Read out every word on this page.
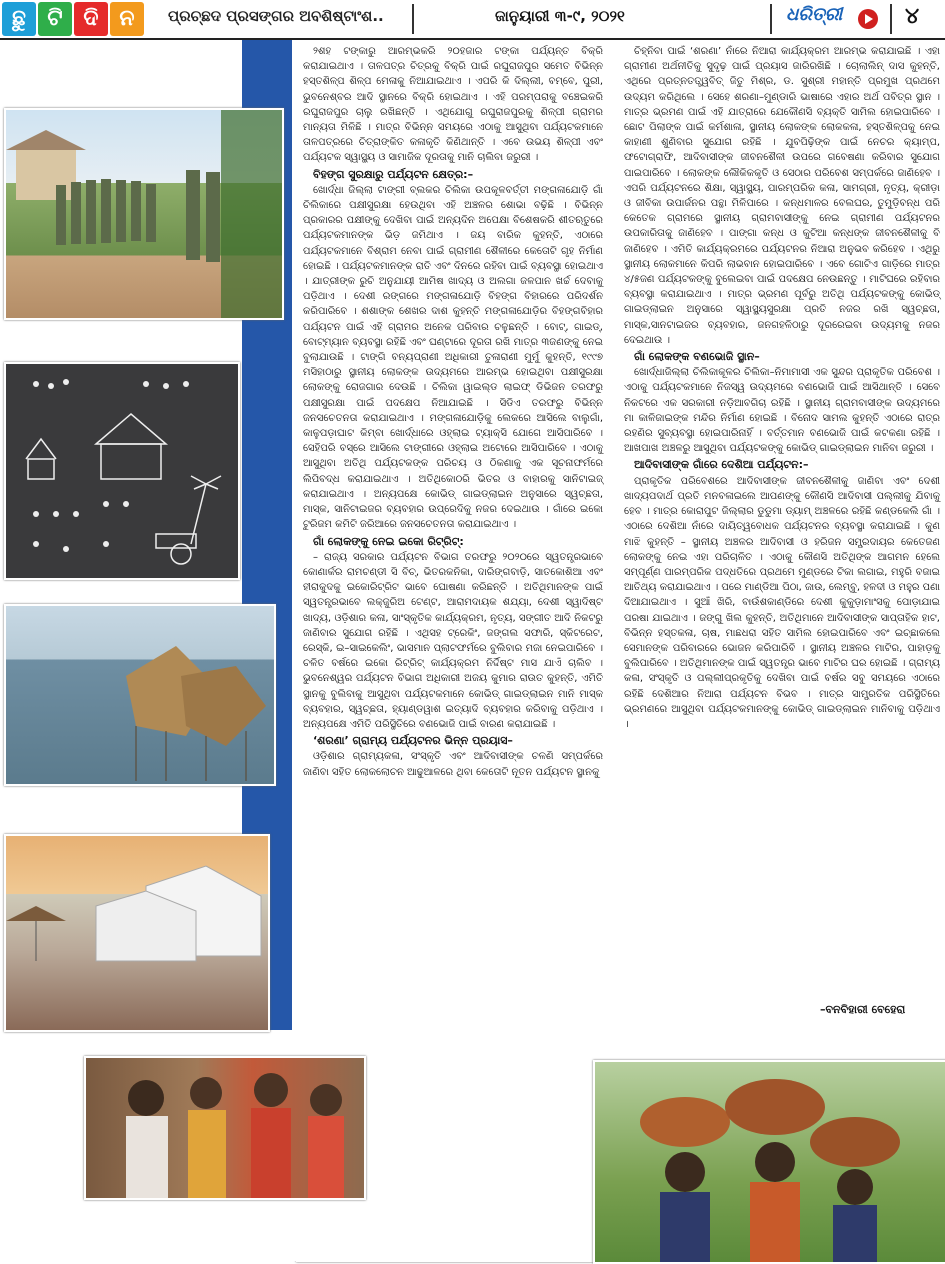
ଛୁ ଟି ଦି ନ	ପ୍ରଚ୍ଛଦ ପ୍ରସଙ୍ଗର ଅବଶିଷ୍ଟାଂଶ..	ଜାନୁୟାରୀ ୩-୯, ୨୦୨୧	ଧରିତ୍ରୀ	୪

୨ଶହ ଟଙ୍କାରୁ ଆରମ୍ଭକରି ୨୦ହଜାର ଟଙ୍କା ପର୍ଯ୍ୟନ୍ତ ବିକ୍ରି କରାଯାଇଥାଏ । ତାଳପତ୍ର ଚିତ୍ରକୁ ବିକ୍ରି ପାଇଁ ରଘୁରାଜପୁର ସମେତ ବିଭିନ୍ନ ହସ୍ତଶିଳ୍ପ ଶିଳ୍ପ ମେଳାକୁ ନିଆଯାଇଥାଏ । ଏପରି କି ଦିଲ୍ଲୀ, ବମ୍ବେ, ପୁରୀ, ଭୁବନେଶ୍ବର ଆଦି ସ୍ଥାନରେ ବିକ୍ରି ହୋଇଥାଏ । ଏହି ପରମ୍ପରାକୁ ବଞ୍ଚେଇକରି ରଘୁରାଜପୁର ଚାଲୁ ରଖିଛନ୍ତି । ଏଥିଯୋଗୁ ରଘୁରାଜପୁରକୁ ଶିଳ୍ପୀ ଗ୍ରାମର ମାନ୍ୟତା ମିଳିଛି । ମାତ୍ର ବିଭିନ୍ନ ସମୟରେ ଏଠାକୁ ଆସୁଥିବା ପର୍ଯ୍ୟଟକମାନେ ତାଳପତ୍ରରେ ଚିତ୍ରାଙ୍କିତ କଳାକୃତି କିଣିଥାନ୍ତି । ଏବେ ଉଭୟ ଶିଳ୍ପୀ ଏବଂ ପର୍ଯ୍ୟଟକ ସ୍ୱାସ୍ଥ୍ୟ ଓ ସାମାଜିକ ଦୂରତାକୁ ମାନି ଚାଲିବା ଜରୁରୀ ।

ବିହଙ୍ଗ ସୁରକ୍ଷାରୁ ପର୍ଯ୍ୟଟନ କ୍ଷେତ୍ର:–

ଖୋର୍ଦ୍ଧା ଜିଲ୍ଲା ଟାଙ୍ଗୀ ବ୍ଲକର ଚିଲିକା ଉପକୂଳବର୍ତ୍ତୀ ମଙ୍ଗଳାଯୋଡ଼ି ଗାଁ ଚିଲିକାରେ ପକ୍ଷୀସୁରକ୍ଷା ହେଉଥିବା ଏହି ଅଞ୍ଚଳର ଶୋଭା ବଢ଼ିଛି । ବିଭିନ୍ନ ପ୍ରକାରର ପକ୍ଷୀଙ୍କୁ ଦେଖିବା ପାଇଁ ଅନ୍ୟଦିନ ଅପେକ୍ଷା ବିଶେଷକରି ଶୀତଋତୁରେ ପର୍ଯ୍ୟଟକମାନଙ୍କ ଭିଡ଼ ଜମିଥାଏ । ଜୟ ବାରିକ କୁହନ୍ତି, ଏଠାରେ ପର୍ଯ୍ୟଟକମାନେ ବିଶ୍ରାମ ନେବା ପାଇଁ ଗ୍ରାମୀଣ ଶୈଳୀରେ କେତୋଟି ଗୃହ ନିର୍ମାଣ ହୋଇଛି । ପର୍ଯ୍ୟଟକମାନଙ୍କ ରାତି ଏବଂ ଦିନରେ ରହିବା ପାଇଁ ବ୍ୟବସ୍ଥା ହୋଇଥାଏ । ଯାତ୍ରୀଙ୍କ ରୁଚି ଅନୁଯାୟୀ ଆମିଷ ଖାଦ୍ୟ ଓ ଅଲଗା ଜଳପାନ ଖର୍ଚ୍ଚ ଦେବାକୁ ପଡ଼ିଥାଏ । ଦେଶୀ ରଙ୍ଗରେ ମଙ୍ଗଳାଯୋଡ଼ି ବିହଙ୍ଗ ବିହାରରେ ପରିଦର୍ଶନ କରିପାରିବେ । ଶଶାଙ୍କ ଶେଖର ଦାଶ କୁହନ୍ତି ମଙ୍ଗଳାଯୋଡ଼ିର ବିହଙ୍ଗବିହାର ପର୍ଯ୍ୟଟନ ପାଇଁ ଏହି ଗ୍ରାମର ଅନେକ ପରିବାର ଚଳୁଛନ୍ତି । ବୋଟ୍, ଗାଇଡ୍, ବୋଟ୍‌ମ୍ୟାନ ବ୍ୟବସ୍ଥା ରହିଛି ଏବଂ ଘଣ୍ଟାରେ ଦୂରତା ରଖି ମାତ୍ର ୩ଜଣଙ୍କୁ ନେଇ ବୁଲାଯାଉଛି । ଟାଙ୍ଗି ବନ୍ୟପ୍ରାଣୀ ଅଧିକାରୀ ତୁଳାରାଣୀ ମୁର୍ମୁ କୁହନ୍ତି, ୧୯୯୭ ମସିହାଠାରୁ ସ୍ଥାନୀୟ ଲୋକଙ୍କ ଉଦ୍ୟମରେ ଆରମ୍ଭ ହୋଇଥିବା ପକ୍ଷୀସୁରକ୍ଷା ଲୋକଙ୍କୁ ରୋଜଗାର ଦେଉଛି । ଚିଲିକା ୱାଇଲ୍ଡ ଲାଇଫ୍ ଡିଭିଜନ ତରଫରୁ ପକ୍ଷୀସୁରକ୍ଷା ପାଇଁ ପଦକ୍ଷେପ ନିଆଯାଇଛି । ସିଡିଏ ତରଫରୁ ବିଭିନ୍ନ ଜନସଚେତନତା କରାଯାଇଥାଏ । ମଙ୍ଗଳାଯୋଡ଼ିକୁ ଲେକରେ ଆସିଲେ ବାଲୁଗାଁ, କାଳୁପଡ଼ାଘାଟ କିମ୍ବା ଖୋର୍ଦ୍ଧାରେ ଓହ୍ଲାଇ ଟ୍ୟାକ୍ସି ଯୋଗେ ଆସିପାରିବେ । ସେହିପରି ବସ୍‌ରେ ଆସିଲେ ଟାଙ୍ଗୀରେ ଓହ୍ଲାଇ ଅଟୋରେ ଆସିପାରିବେ । ଏଠାକୁ ଆସୁଥିବା ଅତିଥି ପର୍ଯ୍ୟଟକଙ୍କ ପରିଚୟ ଓ ଠିକଣାକୁ ଏକ ସୂଚନାଫର୍ମରେ ଲିପିବଦ୍ଧ କରାଯାଇଥାଏ । ଅତିଥିକୋଠରି ଭିତର ଓ ବାହାରକୁ ସାନିଟାଇଜ୍ କରାଯାଇଥାଏ । ଅନ୍ୟପକ୍ଷେ କୋଭିଡ୍ ଗାଇଡ୍‌ଲାଇନ ଅନୁସାରେ ସ୍ୱଚ୍ଛତା, ମାସ୍କ, ସାନିଟାଇଜର ବ୍ୟବହାର ଉପ୍ରେଦିକୁ ନଜର ଦେଇଥାଉ । ଗାଁରେ ଇକୋ ଟୁରିଜମ କମିଟି ଜରିଆରେ ଜନସଚେତନତା କରାଯାଇଥାଏ ।

ଗାଁ ଲୋକଙ୍କୁ ନେଇ ଇକୋ ରିଟ୍ରିଟ୍:

– ରାଜ୍ୟ ସରକାର ପର୍ଯ୍ୟଟନ ବିଭାଗ ତରଫରୁ ୨୦୨୦ରେ ସ୍ୱତନ୍ତ୍ରଭାବେ କୋଣାର୍କର ରାମଚଣ୍ଡୀ ସି ବିଚ୍, ଭିତରକନିକା, ଦାରିଙ୍ଗବାଡ଼ି, ସାତକୋଶିଆ ଏବଂ ହୀରାକୁଦକୁ ଇକୋରିଟ୍ରିଟ ଭାବେ ଘୋଷଣା କରିଛନ୍ତି । ଅତିଥିମାନଙ୍କ ପାଇଁ ସ୍ୱତନ୍ତ୍ରଭାବେ ଲକ୍ଜୁରିଅ ଟେଣ୍ଟ, ଆରାମଦାୟକ ଶଯ୍ୟା, ଦେଶୀ ସ୍ୱାଦିଷ୍ଟ ଖାଦ୍ୟ, ଓଡ଼ିଶାର କଳା, ସାଂସ୍କୃତିକ କାର୍ଯ୍ୟକ୍ରମ, ନୃତ୍ୟ, ସଙ୍ଗୀତ ଆଦି ନିକଟରୁ ଜାଣିବାର ସୁଯୋଗ ରହିଛି । ଏଥିସହ ଟ୍ରେକିଂ, ଜଙ୍ଗଲ ସଫାରି, ସ୍କିଟରେଟ, ରେସ୍କି, ଇ–ସାଇକେଲିଂ, ଭାସମାନ ପ୍ଲାଟଫର୍ମରେ ବୁଲିବାର ମଜା ନେଇପାରିବେ । ଚଳିତ ବର୍ଷରେ ଇକୋ ରିଟ୍ରିଟ୍ କାର୍ଯ୍ୟକ୍ରମ ନିର୍ଦ୍ଦିଷ୍ଟ ମାସ ଯାଏଁ ଚାଲିବ । ଭୁବନେଶ୍ୱର ପର୍ଯ୍ୟଟନ ବିଭାଗ ଅଧିକାରୀ ଅଜୟ କୁମାର ରାଉତ କୁହନ୍ତି, ଏମିତି ସ୍ଥାନକୁ ବୁଲିବାକୁ ଆସୁଥିବା ପର୍ଯ୍ୟଟକମାନେ କୋଭିଡ୍ ଗାଇଡ୍‌ଲାଇନ ମାନି ମାସ୍କ ବ୍ୟବହାର, ସ୍ୱଚ୍ଛତା, ହ୍ୟାଣ୍ଡୱାଶ ଇତ୍ୟାଦି ବ୍ୟବହାର କରିବାକୁ ପଡ଼ିଥାଏ । ଅନ୍ୟପକ୍ଷେ ଏମିତି ପରିସ୍ଥିତିରେ ବଣଭୋଜି ପାଇଁ ବାରଣ କରାଯାଇଛି ।

‘ଶରଣା’ ଗ୍ରାମ୍ୟ ପର୍ଯ୍ୟଟନର ଭିନ୍ନ ପ୍ରୟାସ–

ଓଡ଼ିଶାର ଗ୍ରାମ୍ୟକଳା, ସଂସ୍କୃତି ଏବଂ ଆଦିବାସୀଙ୍କ ଚଳଣି ସମ୍ପର୍କରେ ଜାଣିବା ସହିତ ଲୋକଲୋଚନ ଆଢୁଆଳରେ ଥିବା କେତୋଟି ନୂତନ ପର୍ଯ୍ୟଟନ ସ୍ଥାନକୁ

ଚିହ୍ନିବା ପାଇଁ ‘ଶରଣା’ ନାଁରେ ନିଆରା କାର୍ଯ୍ୟକ୍ରମ ଆରମ୍ଭ କରାଯାଇଛି । ଏହା ଗ୍ରାମୀଣ ଅର୍ଥନୀତିକୁ ସୁଦୃଢ଼ ପାଇଁ ପ୍ରୟାସ ଜାରିରଖିଛି । ଚୋଲାଲିନ୍ ଦାସ କୁହନ୍ତି, ଏଥିରେ ପ୍ରତ୍ନତତ୍ତ୍ୱବିତ୍ ଜିତୁ ମିଶ୍ର, ଡ. ସୁଶ୍ରୀ ମହାନ୍ତି ପ୍ରମୁଖ ପ୍ରଥମେ ଉଦ୍ୟମ କରିଥିଲେ । ସେହେ ଶରଣା–ମୁଣ୍ଡାରି ଭାଷାରେ ଏହାର ଅର୍ଥ ପବିତ୍ର ସ୍ଥାନ । ମାତ୍ର ଭ୍ରମଣ ପାଇଁ ଏହି ଯାତ୍ରାରେ ଯେକୌଣସି ବ୍ୟକ୍ତି ସାମିଲ ହୋଇପାରିବେ । ଛୋଟ ପିଲାଙ୍କ ପାଇଁ କର୍ମଶାଳା, ସ୍ଥାନୀୟ ଲୋକଙ୍କ ଲୋକକଳା, ହସ୍ତଶିଳ୍ପକୁ ନେଇ କାହାଣୀ ଶୁଣିବାର ସୁଯୋଗ ରହିଛି । ଯୁବପିଢ଼ିଙ୍କ ପାଇଁ ନେଚର କ୍ୟାମ୍ପ, ଫଟୋଗ୍ରାଫି, ଆଦିବାସୀଙ୍କ ଜୀବନଶୈଳୀ ଉପରେ ଗବେଷଣା କରିବାର ସୁଯୋଗ ପାଇପାରିବେ । ଲୋକଙ୍କ ଲୌକିକକୃତି ଓ ସେଠାର ପରିବେଶ ସମ୍ପର୍କରେ ଜାଣିହେବ । ଏପରି ପର୍ଯ୍ୟଟନରେ ଶିକ୍ଷା, ସ୍ୱାସ୍ଥ୍ୟ, ପାରମ୍ପରିକ କଳା, ସାମଗ୍ରୀ, ନୃତ୍ୟ, କ୍ରୀଡ଼ା ଓ ଜୀବିକା ଉପାର୍ଜନର ପନ୍ଥା ମିଳିପାରେ । କନ୍ଧମାଳର ବେଲଘର, ତୁମୁଡ଼ିବନ୍ଧ ପରି କେତେକ ଗ୍ରାମରେ ସ୍ଥାନୀୟ ଗ୍ରାମବାସୀଙ୍କୁ ନେଇ ଗ୍ରାମୀଣ ପର୍ଯ୍ୟଟନର ଉପକାରିତାକୁ ଜାଣିହେବ । ପାଙ୍ଗା କନ୍ଧ ଓ କୁଟିଆ କନ୍ଧଙ୍କ ଜୀବନଶୈଳୀକୁ ବି ଜାଣିହେବ । ଏମିତି କାର୍ଯ୍ୟକ୍ରମରେ ପର୍ଯ୍ୟଟନର ନିଆରା ଅନୁଭବ କରିହେବ । ଏଥିରୁ ସ୍ଥାନୀୟ ଲୋକମାନେ କିପରି ଲାଭବାନ ହୋଇପାରିବେ । ଏବେ ଗୋଟିଏ ଗାଡ଼ିରେ ମାତ୍ର ୪/୫ଜଣ ପର୍ଯ୍ୟଟକଙ୍କୁ ବୁଲେଇବା ପାଇଁ ପଦକ୍ଷେପ ନେଉଛନ୍ତୁ । ମାଟିଘରେ ରହିବାର ବ୍ୟବସ୍ଥା କରାଯାଇଥାଏ । ମାତ୍ର ଭ୍ରମଣ ପୂର୍ବରୁ ଅତିଥି ପର୍ଯ୍ୟଟକଙ୍କୁ କୋଭିଡ୍ ଗାଇଡ୍‌ଲାଇନ ଅନୁସାରେ ସ୍ୱାସ୍ଥ୍ୟସୁରକ୍ଷା ପ୍ରତି ନଜର ରଖି ସ୍ୱଚ୍ଛତା, ମାସ୍କ,ସାନଟାଇଜର ବ୍ୟବହାର, ଜନଗହଳିଠାରୁ ଦୂରରେଇବା ଉଦ୍ୟମକୁ ନଜର ଦେଇଥାଉ ।

ଗାଁ ଲୋକଙ୍କ ବଣଭୋଜି ସ୍ଥାନ–

ଖୋର୍ଦ୍ଧାଜିଲ୍ଲା ଚିଲିକାକୂଳର ଚିଲିକା–ନିମାମାସୀ ଏକ ସୁନ୍ଦର ପ୍ରାକୃତିକ ପରିବେଶ । ଏଠାକୁ ପର୍ଯ୍ୟଟକମାନେ ନିଜସ୍ୱ ଉଦ୍ୟମରେ ବଣଭୋଜି ପାଇଁ ଆସିଥାନ୍ତି । ସେବେ ନିକଟରେ ଏକ ସରକାରୀ ନଡ଼ିଆବଗିଚା ରହିଛି । ସ୍ଥାନୀୟ ଗ୍ରାମବାସୀଙ୍କ ଉଦ୍ୟମରେ ମା କାଳିଜାଇଙ୍କ ମନ୍ଦିର ନିର୍ମାଣ ହୋଇଛି । ବିନୋଦ ସାମଲ କୁହନ୍ତି ଏଠାରେ ରାତ୍ର ରହଣିର ସୁବ୍ୟବସ୍ଥା ହୋଇପାରିନାହିଁ । ବର୍ତ୍ତମାନ ବଣଭୋଜି ପାଇଁ କଟକଣା ରହିଛି । ଆଖପାଖ ଅଞ୍ଚଳରୁ ଆସୁଥିବା ପର୍ଯ୍ୟଟକଙ୍କୁ କୋଭିଡ୍ ଗାଇଡ୍‌ଲାଇନ ମାନିବା ଜରୁରୀ ।

ଆଦିବାସୀଙ୍କ ଗାଁରେ ଦେଶିଆ ପର୍ଯ୍ୟଟନ:–

ପ୍ରାକୃତିକ ପରିବେଶରେ ଆଦିବାସୀଙ୍କ ଜୀବନଶୈଳୀକୁ ଜାଣିବା ଏବଂ ଦେଶୀ ଖାଦ୍ୟପଦାର୍ଥ ପ୍ରତି ମନବଳାଇଲେ ଆପଣଙ୍କୁ କୌଣସି ଆଦିବାସୀ ପଲ୍ଲୀକୁ ଯିବାକୁ ହେବ । ମାତ୍ର କୋରାପୁଟ ଜିଲ୍ଲାର ଡୁଡୁମା ଡ୍ୟାମ୍ ଅଞ୍ଚଳରେ ରହିଛି କଣ୍ଡକେଲି ଗାଁ । ଏଠାରେ ଦେଶିଆ ନାଁରେ ଦାୟିତ୍ୱବୋଧକ ପର୍ଯ୍ୟଟନର ବ୍ୟବସ୍ଥା କରାଯାଇଛି । କୁଣ ମାଝି କୁହନ୍ତି – ସ୍ଥାନୀୟ ଅଞ୍ଚଳର ଆଦିବାସୀ ଓ ହରିଜନ ସମ୍ପ୍ରଦାୟର କେତେଜଣ ଲୋକଙ୍କୁ ନେଇ ଏହା ପରିଚାଳିତ । ଏଠାକୁ କୌଣସି ଅତିଥିଙ୍କ ଆଗମନ ହେଲେ ସମ୍ପୂର୍ଣ୍ଣ ପାରମ୍ପରିକ ପଦ୍ଧତିରେ ପ୍ରଥମେ ମୁଣ୍ଡରେ ଟିକା ଲଗାଇ, ମହୁରି ବଜାଇ ଆତିଥ୍ୟ କରାଯାଇଥାଏ । ପରେ ମାଣ୍ଡିଆ ପିଠା, ଜାଉ, ଲେମ୍ବୁ, ହଳଦୀ ଓ ମହୁର ପଣା ଦିଆଯାଇଥାଏ । ସୁଆଁ ଖିରି, ବାଉଁଶକାଣ୍ଡିରେ ଦେଶୀ କୁକୁଡ଼ାମାଂସକୁ ପୋଡ଼ାଯାଇ ପରଷା ଯାଇଥାଏ । ଜଙ୍ଗୁ ଖିଲ କୁହନ୍ତି, ଅତିଥିମାନେ ଆଦିବାସୀଙ୍କ ସାପ୍ତାହିକ ହାଟ, ବିଭିନ୍ନ ହସ୍ତକଳା, ଚାଷ, ମାଛଧରା ସହିତ ସାମିଲ ହୋଇପାରିବେ ଏବଂ ଇଚ୍ଛାକଲେ ସେମାନଙ୍କ ପରିବାରରେ ଭୋଜନ କରିପାରିବି । ସ୍ଥାନୀୟ ଅଞ୍ଚଳର ମାଟିର, ପାହାଡ଼କୁ ବୁଲିପାରିବେ । ଅତିଥିମାନଙ୍କ ପାଇଁ ସ୍ୱତନ୍ତ୍ର ଭାବେ ମାଟିର ଘର ହୋଇଛି । ଗ୍ରାମ୍ୟ କଳା, ସଂସ୍କୃତି ଓ ପଲ୍ଲୀପ୍ରକୃତିକୁ ଦେଖିବା ପାଇଁ ବର୍ଷର ସବୁ ସମୟରେ ଏଠାରେ ରହିଛି ଦେଶିଆର ନିଆରା ପର୍ଯ୍ୟଟନ ବିଭବ । ମାତ୍ର ସାମ୍ପ୍ରତିକ ପରିସ୍ଥିତିରେ ଭ୍ରମଣରେ ଆସୁଥିବା ପର୍ଯ୍ୟଟକମାନଙ୍କୁ କୋଭିଡ୍ ଗାଇଡ୍‌ଲାଇନ ମାନିବାକୁ ପଡ଼ିଥାଏ ।

–ବନବିହାରୀ ବେହେରା
